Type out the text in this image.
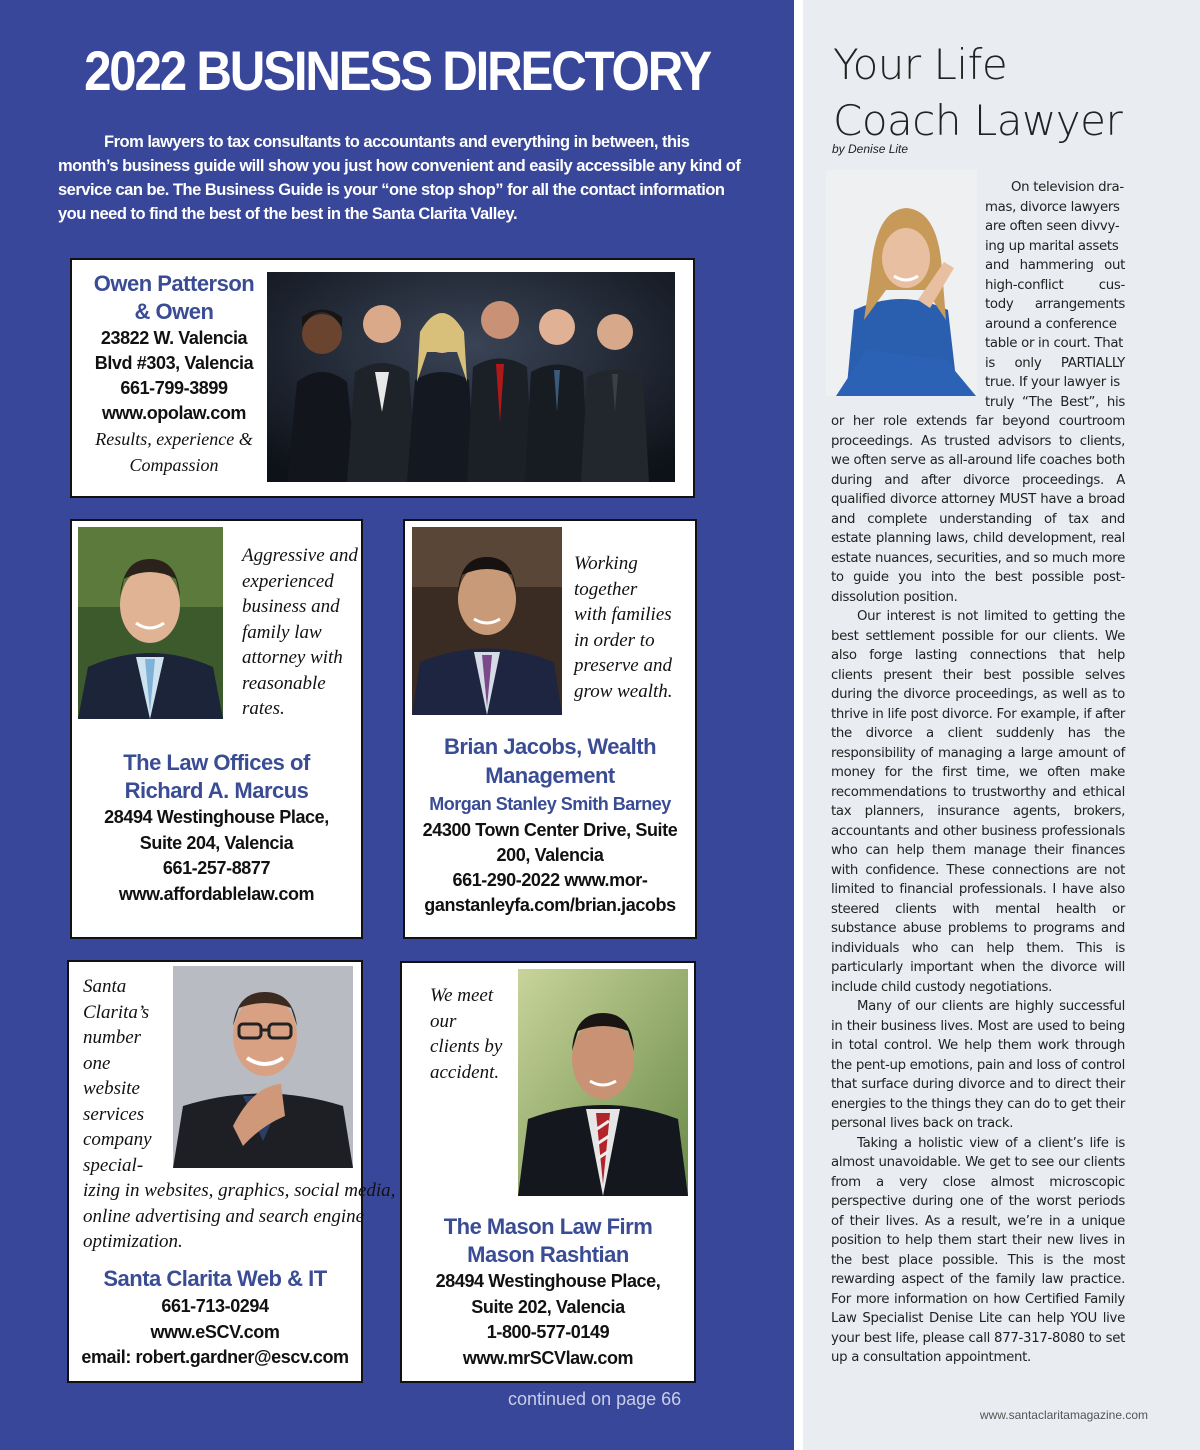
2022 BUSINESS DIRECTORY
From lawyers to tax consultants to accountants and everything in between, this month’s business guide will show you just how convenient and easily accessible any kind of service can be. The Business Guide is your “one stop shop” for all the contact information you need to find the best of the best in the Santa Clarita Valley.
Owen Patterson
& Owen
23822 W. Valencia
Blvd #303, Valencia
661-799-3899
www.opolaw.com
Results, experience &
Compassion
Aggressive and
experienced
business and
family law
attorney with
reasonable
rates.
The Law Offices of
Richard A. Marcus
28494 Westinghouse Place,
Suite 204, Valencia
661-257-8877
www.affordablelaw.com
Working
together
with families
in order to
preserve and
grow wealth.
Brian Jacobs, Wealth
Management
Morgan Stanley Smith Barney
24300 Town Center Drive, Suite
200, Valencia
661-290-2022 www.mor-
ganstanleyfa.com/brian.jacobs
Santa
Clarita’s
number
one
website
services
company
special-
izing in websites, graphics, social media,
online advertising and search engine
optimization.
Santa Clarita Web & IT
661-713-0294
www.eSCV.com
email: robert.gardner@escv.com
We meet
our
clients by
accident.
The Mason Law Firm
Mason Rashtian
28494 Westinghouse Place,
Suite 202, Valencia
1-800-577-0149
www.mrSCVlaw.com
continued on page 66
Your Life
Coach Lawyer
by Denise Lite
On television dra-
mas, divorce lawyers
are often seen divvy-
ing up marital assets
and hammering out
high-conflict cus-
tody arrangements
around a conference
table or in court. That
is only PARTIALLY
true. If your lawyer is
truly “The Best”, his

or her role extends far beyond courtroom proceedings. As trusted advisors to clients, we often serve as all-around life coaches both during and after divorce proceedings. A qualified divorce attorney MUST have a broad and complete understanding of tax and estate planning laws, child development, real estate nuances, securities, and so much more to guide you into the best possible post-dissolution position.

Our interest is not limited to getting the best settlement possible for our clients. We also forge lasting connections that help clients present their best possible selves during the divorce proceedings, as well as to thrive in life post divorce. For example, if after the divorce a client suddenly has the responsibility of managing a large amount of money for the first time, we often make recommendations to trustworthy and ethical tax planners, insurance agents, brokers, accountants and other business professionals who can help them manage their finances with confidence. These connections are not limited to financial professionals. I have also steered clients with mental health or substance abuse problems to programs and individuals who can help them. This is particularly important when the divorce will include child custody negotiations.

Many of our clients are highly successful in their business lives. Most are used to being in total control. We help them work through the pent-up emotions, pain and loss of control that surface during divorce and to direct their energies to the things they can do to get their personal lives back on track.

Taking a holistic view of a client’s life is almost unavoidable. We get to see our clients from a very close almost microscopic perspective during one of the worst periods of their lives. As a result, we’re in a unique position to help them start their new lives in the best place possible. This is the most rewarding aspect of the family law practice. For more information on how Certified Family Law Specialist Denise Lite can help YOU live your best life, please call 877-317-8080 to set up a consultation appointment.

www.santaclaritamagazine.com
